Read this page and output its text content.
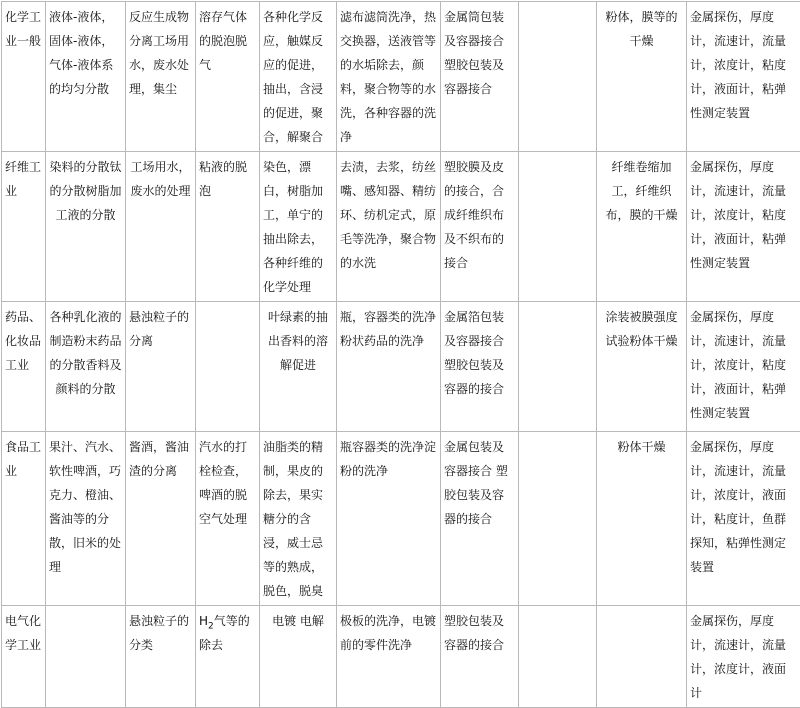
化学工业一般	液体-液体，固体-液体，气体-液体系的均匀分散	反应生成物分离工场用水，废水处理，集尘	溶存气体的脱泡脱气	各种化学反应，触媒反应的促进，抽出，含浸的促进，聚合，解聚合	滤布滤筒洗净，热交换器，送液管等的水垢除去，颜料，聚合物等的水洗，各种容器的洗净	金属筒包装及容器接合 塑胶包装及容器接合		粉体，膜等的干燥	金属探伤，厚度计，流速计，流量计，浓度计，粘度计，液面计，粘弹性测定装置
纤维工业	染料的分散钛的分散树脂加工液的分散	工场用水，废水的处理	粘液的脱泡	染色，漂白，树脂加工，单宁的抽出除去，各种纤维的化学处理	去渍，去浆，纺丝嘴、感知器、精纺环、纺机定式，原毛等洗净，聚合物的水洗	塑胶膜及皮的接合，合成纤维织布及不织布的接合		纤维卷缩加工，纤维织布，膜的干燥	金属探伤，厚度计，流速计，流量计，浓度计，粘度计，液面计，粘弹性测定装置
药品、化妆品工业	各种乳化液的制造粉末药品的分散香料及颜料的分散	悬浊粒子的分离		叶绿素的抽出香料的溶解促进	瓶，容器类的洗净粉状药品的洗净	金属箔包装及容器接合 塑胶包装及容器的接合		涂装被膜强度试验粉体干燥	金属探伤，厚度计，流速计，流量计，浓度计，粘度计，液面计，粘弹性测定装置
食品工业	果汁、汽水、软性啤酒，巧克力、橙油、酱油等的分散，旧米的处理	酱酒，酱油渣的分离	汽水的打栓检查，啤酒的脱空气处理	油脂类的精制，果皮的除去，果实糖分的含浸，威士忌等的熟成，脱色，脱臭	瓶容器类的洗净淀粉的洗净	金属包装及容器接合 塑胶包装及容器的接合		粉体干燥	金属探伤，厚度计，流速计，流量计，浓度计，液面计，粘度计，鱼群探知，粘弹性测定装置
电气化学工业		悬浊粒子的分类	$H_2$气等的除去	电镀 电解	极板的洗净，电镀前的零件洗净	塑胶包装及容器的接合			金属探伤，厚度计，流速计，流量计，浓度计，液面计
